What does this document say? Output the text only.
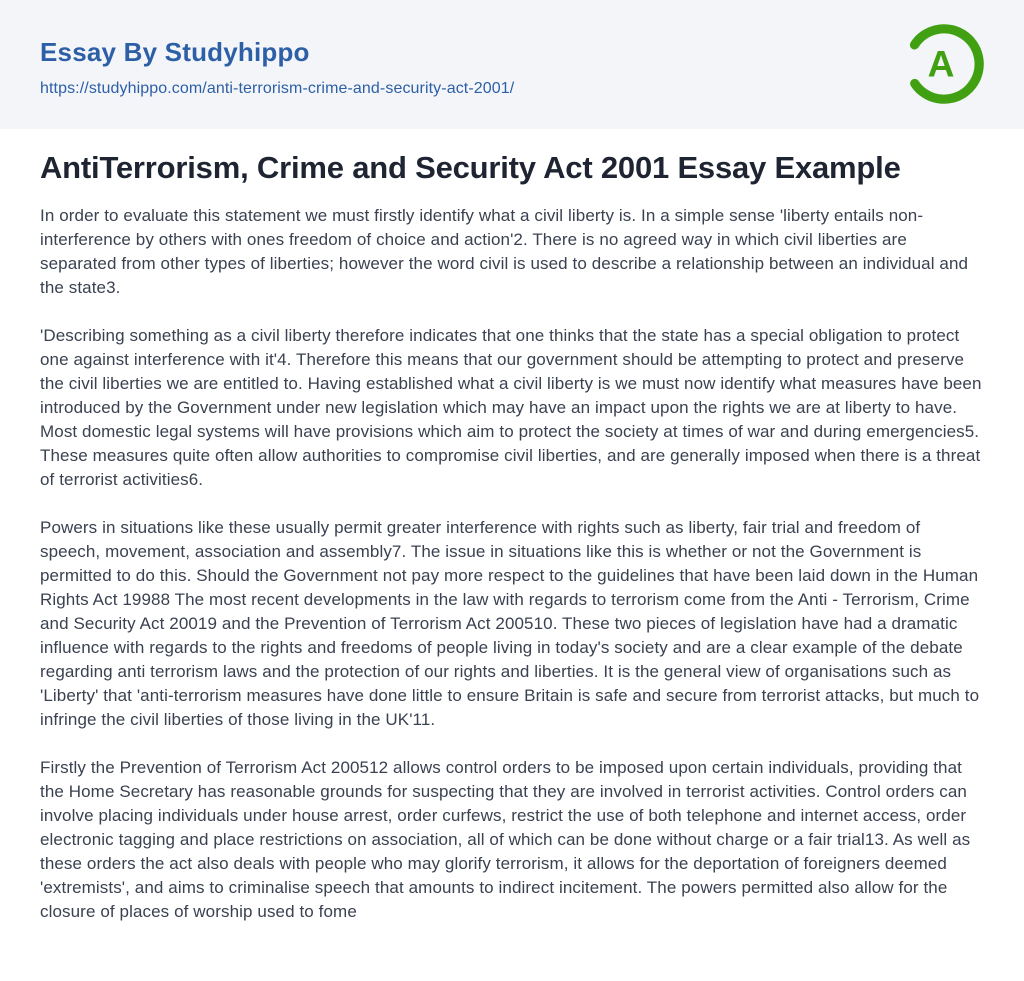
Essay By Studyhippo
https://studyhippo.com/anti-terrorism-crime-and-security-act-2001/
A
AntiTerrorism, Crime and Security Act 2001 Essay Example

In order to evaluate this statement we must firstly identify what a civil liberty is. In a simple sense 'liberty entails non-interference by others with ones freedom of choice and action'2. There is no agreed way in which civil liberties are separated from other types of liberties; however the word civil is used to describe a relationship between an individual and the state3.

'Describing something as a civil liberty therefore indicates that one thinks that the state has a special obligation to protect one against interference with it'4. Therefore this means that our government should be attempting to protect and preserve the civil liberties we are entitled to. Having established what a civil liberty is we must now identify what measures have been introduced by the Government under new legislation which may have an impact upon the rights we are at liberty to have. Most domestic legal systems will have provisions which aim to protect the society at times of war and during emergencies5. These measures quite often allow authorities to compromise civil liberties, and are generally imposed when there is a threat of terrorist activities6.

Powers in situations like these usually permit greater interference with rights such as liberty, fair trial and freedom of speech, movement, association and assembly7. The issue in situations like this is whether or not the Government is permitted to do this. Should the Government not pay more respect to the guidelines that have been laid down in the Human Rights Act 19988 The most recent developments in the law with regards to terrorism come from the Anti - Terrorism, Crime and Security Act 20019 and the Prevention of Terrorism Act 200510. These two pieces of legislation have had a dramatic influence with regards to the rights and freedoms of people living in today's society and are a clear example of the debate regarding anti terrorism laws and the protection of our rights and liberties. It is the general view of organisations such as 'Liberty' that 'anti-terrorism measures have done little to ensure Britain is safe and secure from terrorist attacks, but much to infringe the civil liberties of those living in the UK'11.

Firstly the Prevention of Terrorism Act 200512 allows control orders to be imposed upon certain individuals, providing that the Home Secretary has reasonable grounds for suspecting that they are involved in terrorist activities. Control orders can involve placing individuals under house arrest, order curfews, restrict the use of both telephone and internet access, order electronic tagging and place restrictions on association, all of which can be done without charge or a fair trial13. As well as these orders the act also deals with people who may glorify terrorism, it allows for the deportation of foreigners deemed 'extremists', and aims to criminalise speech that amounts to indirect incitement. The powers permitted also allow for the closure of places of worship used to fome
